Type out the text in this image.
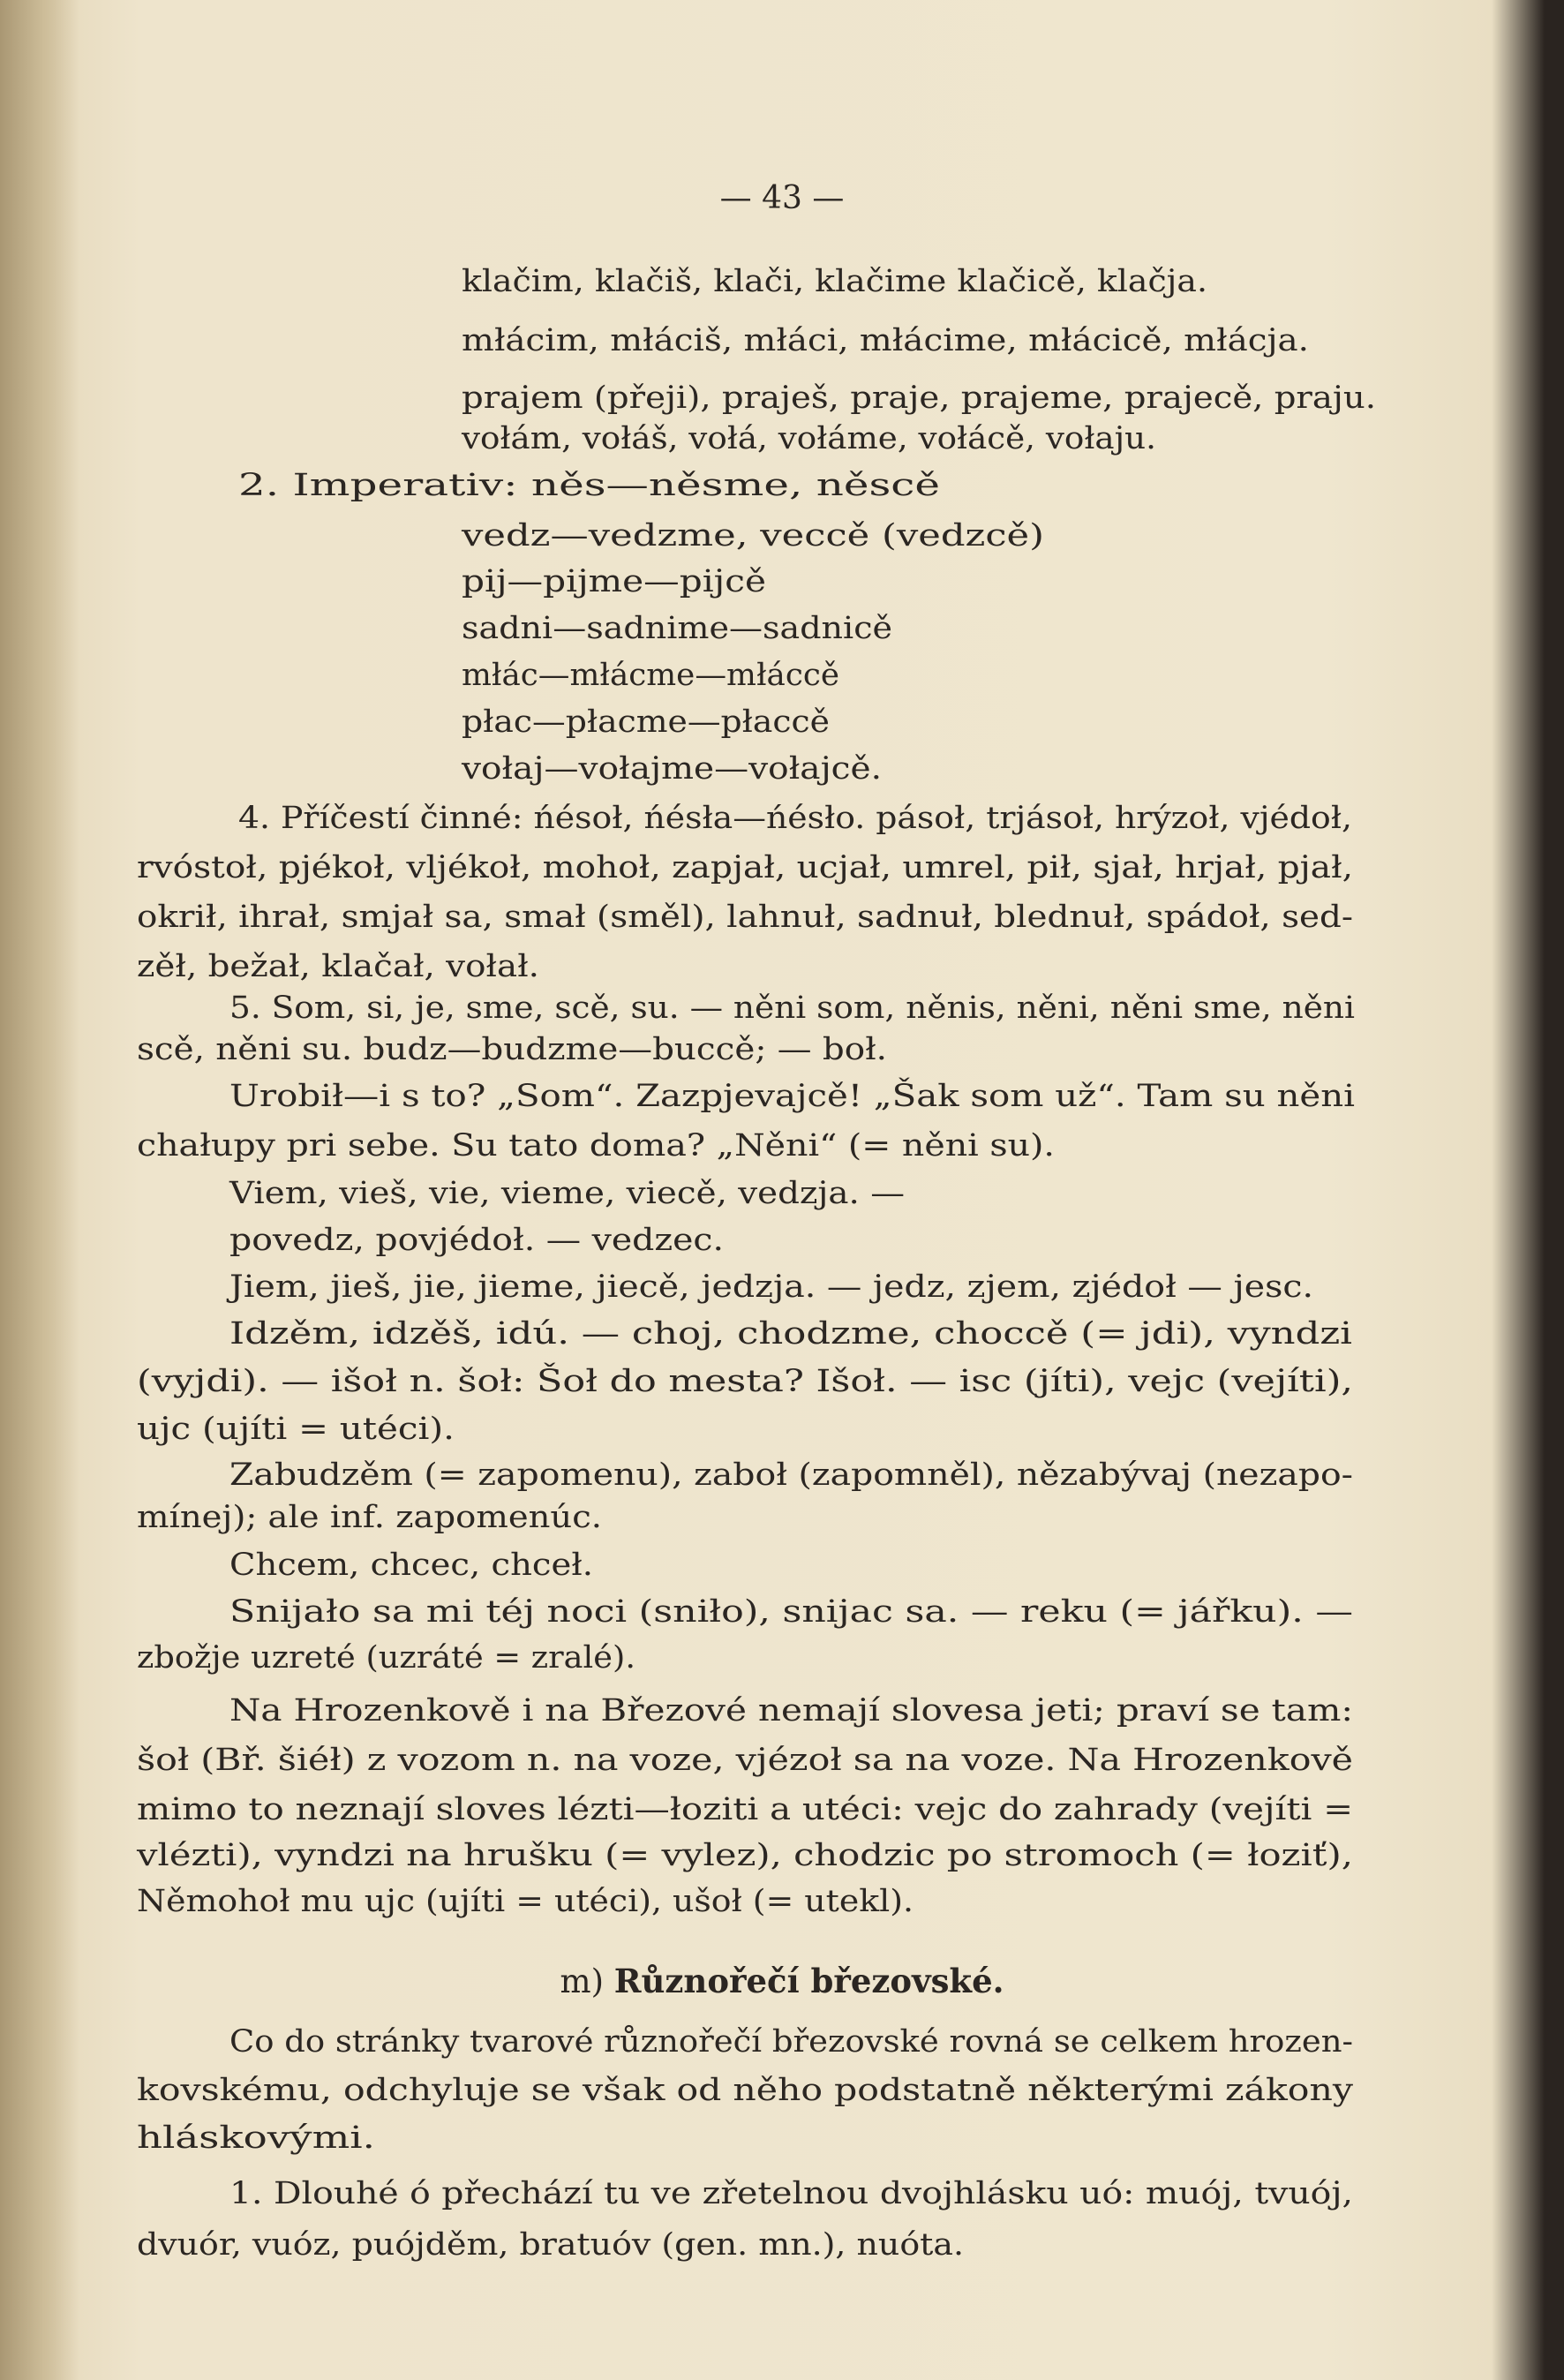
— 43 —
klačim, klačiš, klači, klačime klačicě, klačja.
młácim, młáciš, młáci, młácime, młácicě, młácja.
prajem (přeji), praješ, praje, prajeme, prajecě, praju.
vołám, vołáš, vołá, vołáme, vołácě, vołaju.
2. Imperativ: něs—něsme, něscě
vedz—vedzme, veccě (vedzcě)
pij—pijme—pijcě
sadni—sadnime—sadnicě
młác—młácme—młáccě
płac—płacme—płaccě
vołaj—vołajme—vołajcě.
4. Příčestí činné: ńésoł, ńésła—ńésło. pásoł, trjásoł, hrýzoł, vjédoł,
rvóstoł, pjékoł, vljékoł, mohoł, zapjał, ucjał, umrel, pił, sjał, hrjał, pjał,
okrił, ihrał, smjał sa, smał (směl), lahnuł, sadnuł, blednuł, spádoł, sed-
zěł, bežał, klačał, vołał.
5. Som, si, je, sme, scě, su. — něni som, něnis, něni, něni sme, něni
scě, něni su. budz—budzme—buccě; — boł.
Urobił—i s to? „Som“. Zazpjevajcě! „Šak som už“. Tam su něni
chałupy pri sebe. Su tato doma? „Něni“ (= něni su).
Viem, vieš, vie, vieme, viecě, vedzja. —
povedz, povjédoł. — vedzec.
Jiem, jieš, jie, jieme, jiecě, jedzja. — jedz, zjem, zjédoł — jesc.
Idzěm, idzěš, idú. — choj, chodzme, choccě (= jdi), vyndzi
(vyjdi). — išoł n. šoł: Šoł do mesta? Išoł. — isc (jíti), vejc (vejíti),
ujc (ujíti = utéci).
Zabudzěm (= zapomenu), zaboł (zapomněl), nězabývaj (nezapo-
mínej); ale inf. zapomenúc.
Chcem, chcec, chceł.
Snijało sa mi téj noci (sniło), snijac sa. — reku (= jářku). —
zbožje uzreté (uzráté = zralé).
Na Hrozenkově i na Březové nemají slovesa jeti; praví se tam:
šoł (Bř. šiéł) z vozom n. na voze, vjézoł sa na voze. Na Hrozenkově
mimo to neznají sloves lézti—łoziti a utéci: vejc do zahrady (vejíti =
vlézti), vyndzi na hrušku (= vylez), chodzic po stromoch (= łoziť),
Němohoł mu ujc (ujíti = utéci), ušoł (= utekl).
Co do stránky tvarové různořečí březovské rovná se celkem hrozen-
kovskému, odchyluje se však od něho podstatně některými zákony
hláskovými.
1. Dlouhé ó přechází tu ve zřetelnou dvojhlásku uó: muój, tvuój,
dvuór, vuóz, puójděm, bratuóv (gen. mn.), nuóta.
m) Různořečí březovské.
